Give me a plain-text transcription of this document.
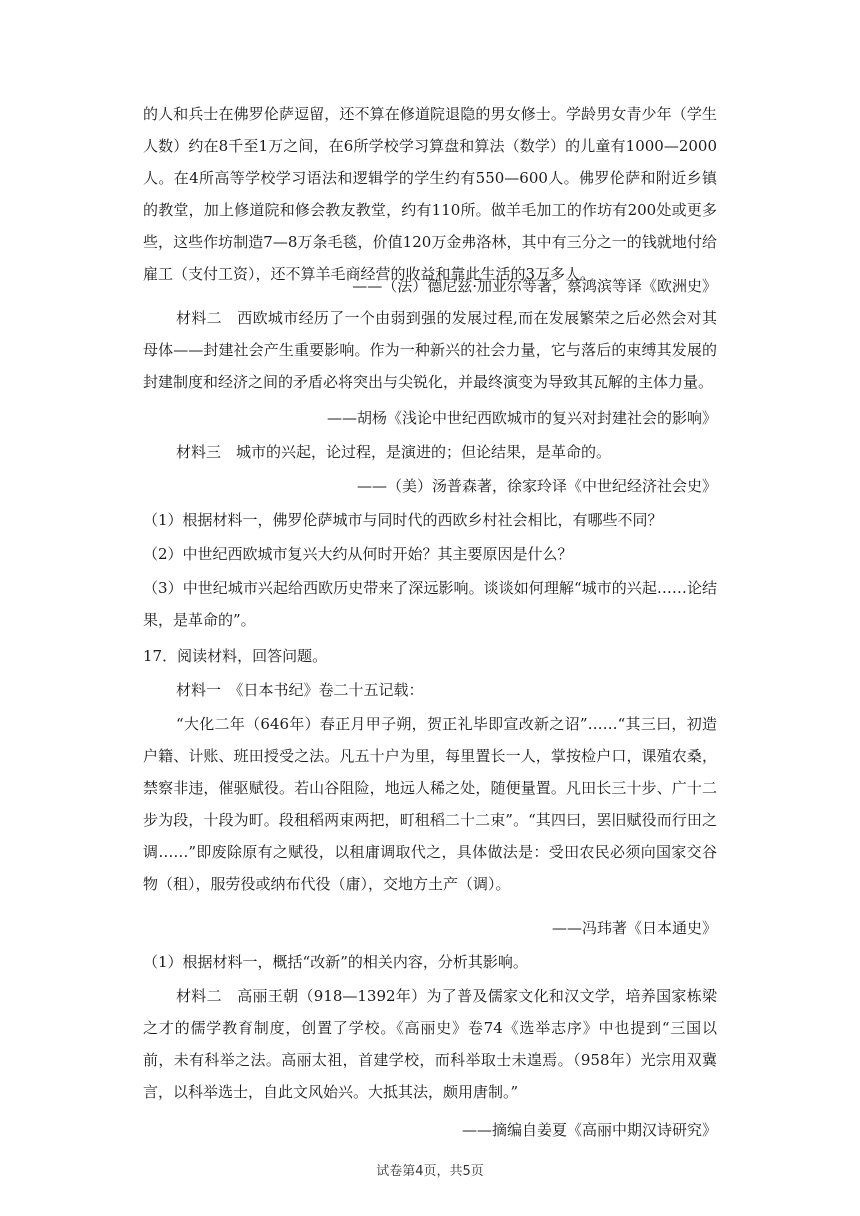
的人和兵士在佛罗伦萨逗留，还不算在修道院退隐的男女修士。学龄男女青少年（学生人数）约在8千至1万之间，在6所学校学习算盘和算法（数学）的儿童有1000—2000人。在4所高等学校学习语法和逻辑学的学生约有550—600人。佛罗伦萨和附近乡镇的教堂，加上修道院和修会教友教堂，约有110所。做羊毛加工的作坊有200处或更多些，这些作坊制造7—8万条毛毯，价值120万金弗洛林，其中有三分之一的钱就地付给雇工（支付工资），还不算羊毛商经营的收益和靠此生活的3万多人。
——（法）德尼兹·加亚尔等著，蔡鸿滨等译《欧洲史》
材料二　西欧城市经历了一个由弱到强的发展过程,而在发展繁荣之后必然会对其母体——封建社会产生重要影响。作为一种新兴的社会力量，它与落后的束缚其发展的封建制度和经济之间的矛盾必将突出与尖锐化，并最终演变为导致其瓦解的主体力量。
——胡杨《浅论中世纪西欧城市的复兴对封建社会的影响》
材料三　城市的兴起，论过程，是演进的；但论结果，是革命的。
——（美）汤普森著，徐家玲译《中世纪经济社会史》
（1）根据材料一，佛罗伦萨城市与同时代的西欧乡村社会相比，有哪些不同？
（2）中世纪西欧城市复兴大约从何时开始？其主要原因是什么？
（3）中世纪城市兴起给西欧历史带来了深远影响。谈谈如何理解“城市的兴起……论结果，是革命的”。
17．阅读材料，回答问题。
材料一　《日本书纪》卷二十五记载：
“大化二年（646年）春正月甲子朔，贺正礼毕即宣改新之诏”……“其三曰，初造户籍、计账、班田授受之法。凡五十户为里，每里置长一人，掌按检户口，课殖农桑，禁察非违，催驱赋役。若山谷阻险，地远人稀之处，随便量置。凡田长三十步、广十二步为段，十段为町。段租稻两束两把，町租稻二十二束”。“其四曰，罢旧赋役而行田之调……”即废除原有之赋役，以租庸调取代之，具体做法是：受田农民必须向国家交谷物（租），服劳役或纳布代役（庸），交地方土产（调）。
——冯玮著《日本通史》
（1）根据材料一，概括“改新”的相关内容，分析其影响。
材料二　高丽王朝（918—1392年）为了普及儒家文化和汉文学，培养国家栋梁之才的儒学教育制度，创置了学校。《高丽史》卷74《选举志序》中也提到“三国以前，未有科举之法。高丽太祖，首建学校，而科举取士未遑焉。（958年）光宗用双冀言，以科举选士，自此文风始兴。大抵其法，颇用唐制。”
——摘编自姜夏《高丽中期汉诗研究》
试卷第4页，共5页
